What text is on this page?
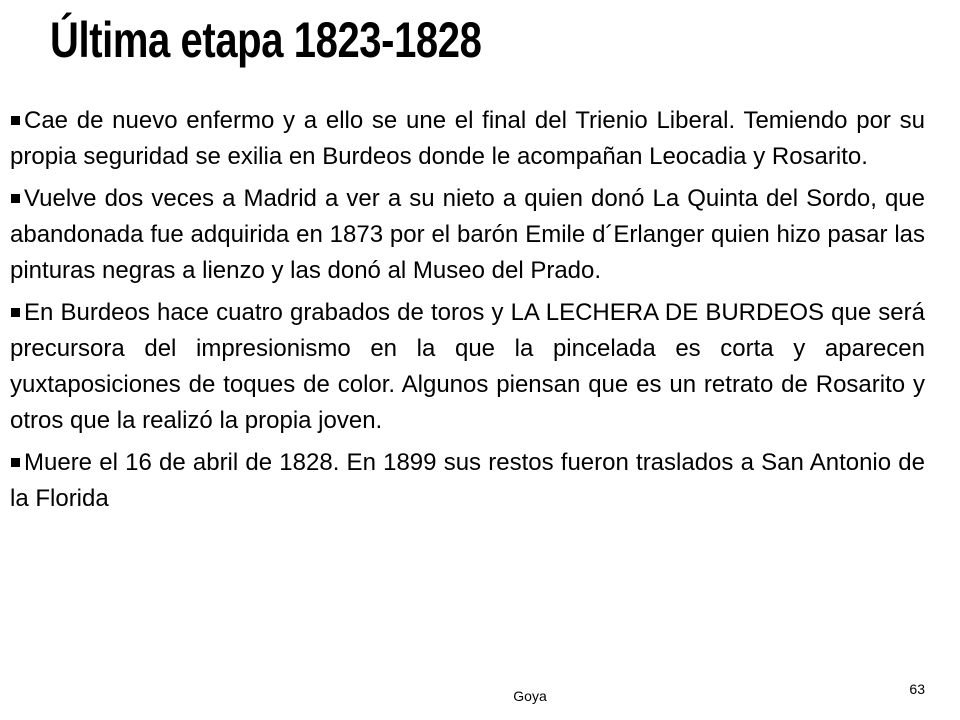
Última etapa 1823-1828
Cae de nuevo enfermo y a ello se une el final del Trienio Liberal. Temiendo por su propia seguridad se exilia en Burdeos donde le acompañan Leocadia y Rosarito.
Vuelve dos veces a Madrid a ver a su nieto a quien donó La Quinta del Sordo, que abandonada fue adquirida en 1873 por el barón Emile d´Erlanger quien hizo pasar las pinturas negras a lienzo y las donó al Museo del Prado.
En Burdeos hace cuatro grabados de toros y LA LECHERA DE BURDEOS que será precursora del impresionismo en la que la pincelada es corta y aparecen yuxtaposiciones de toques de color. Algunos piensan que es un retrato de Rosarito y otros que la realizó la propia joven.
Muere el 16 de abril de 1828. En 1899 sus restos fueron traslados a San Antonio de la Florida
Goya	63
